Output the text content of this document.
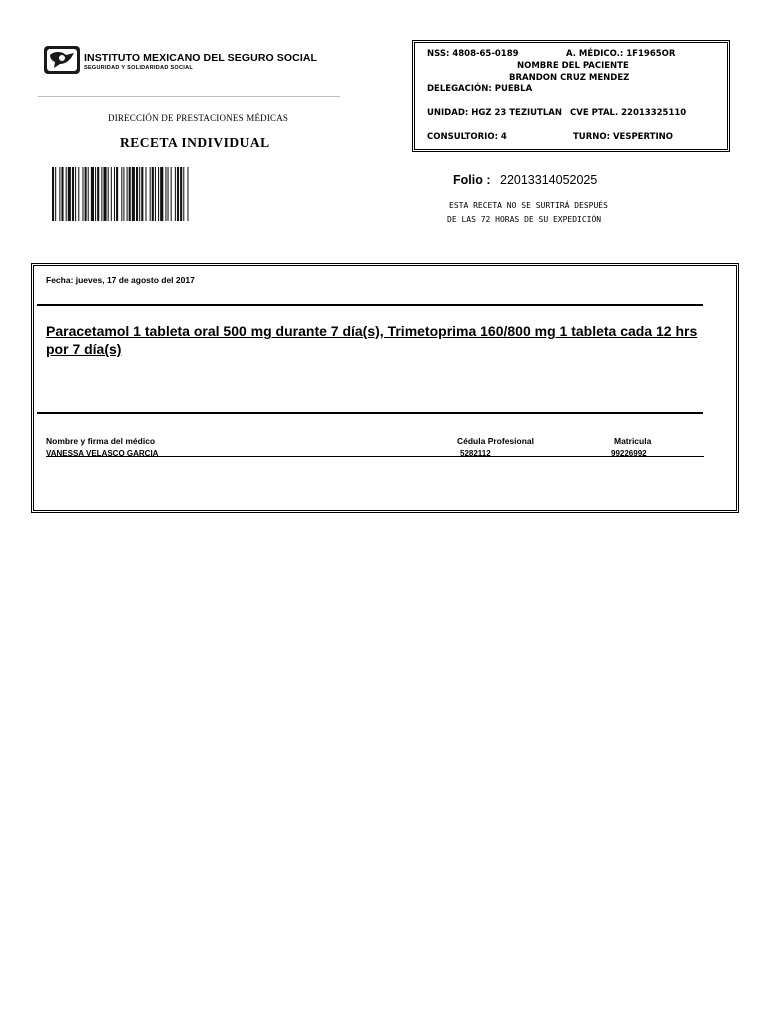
INSTITUTO MEXICANO DEL SEGURO SOCIAL
SEGURIDAD Y SOLIDARIDAD SOCIAL
DIRECCIÓN DE PRESTACIONES MÉDICAS
RECETA INDIVIDUAL
NSS: 4808-65-0189	A. MÉDICO.: 1F1965OR
NOMBRE DEL PACIENTE
BRANDON CRUZ MENDEZ
DELEGACIÓN: PUEBLA
UNIDAD: HGZ 23 TEZIUTLAN CVE PTAL. 22013325110
CONSULTORIO: 4	TURNO: VESPERTINO
Folio : 22013314052025
ESTA RECETA NO SE SURTIRÁ DESPUÉS
DE LAS 72 HORAS DE SU EXPEDICIÓN
Fecha: jueves, 17 de agosto del 2017
Paracetamol 1 tableta oral 500 mg durante 7 día(s), Trimetoprima 160/800 mg 1 tableta cada 12 hrs por 7 día(s)
Nombre y firma del médico	Cédula Profesional	Matricula
VANESSA VELASCO GARCIA	5282112	99226992
